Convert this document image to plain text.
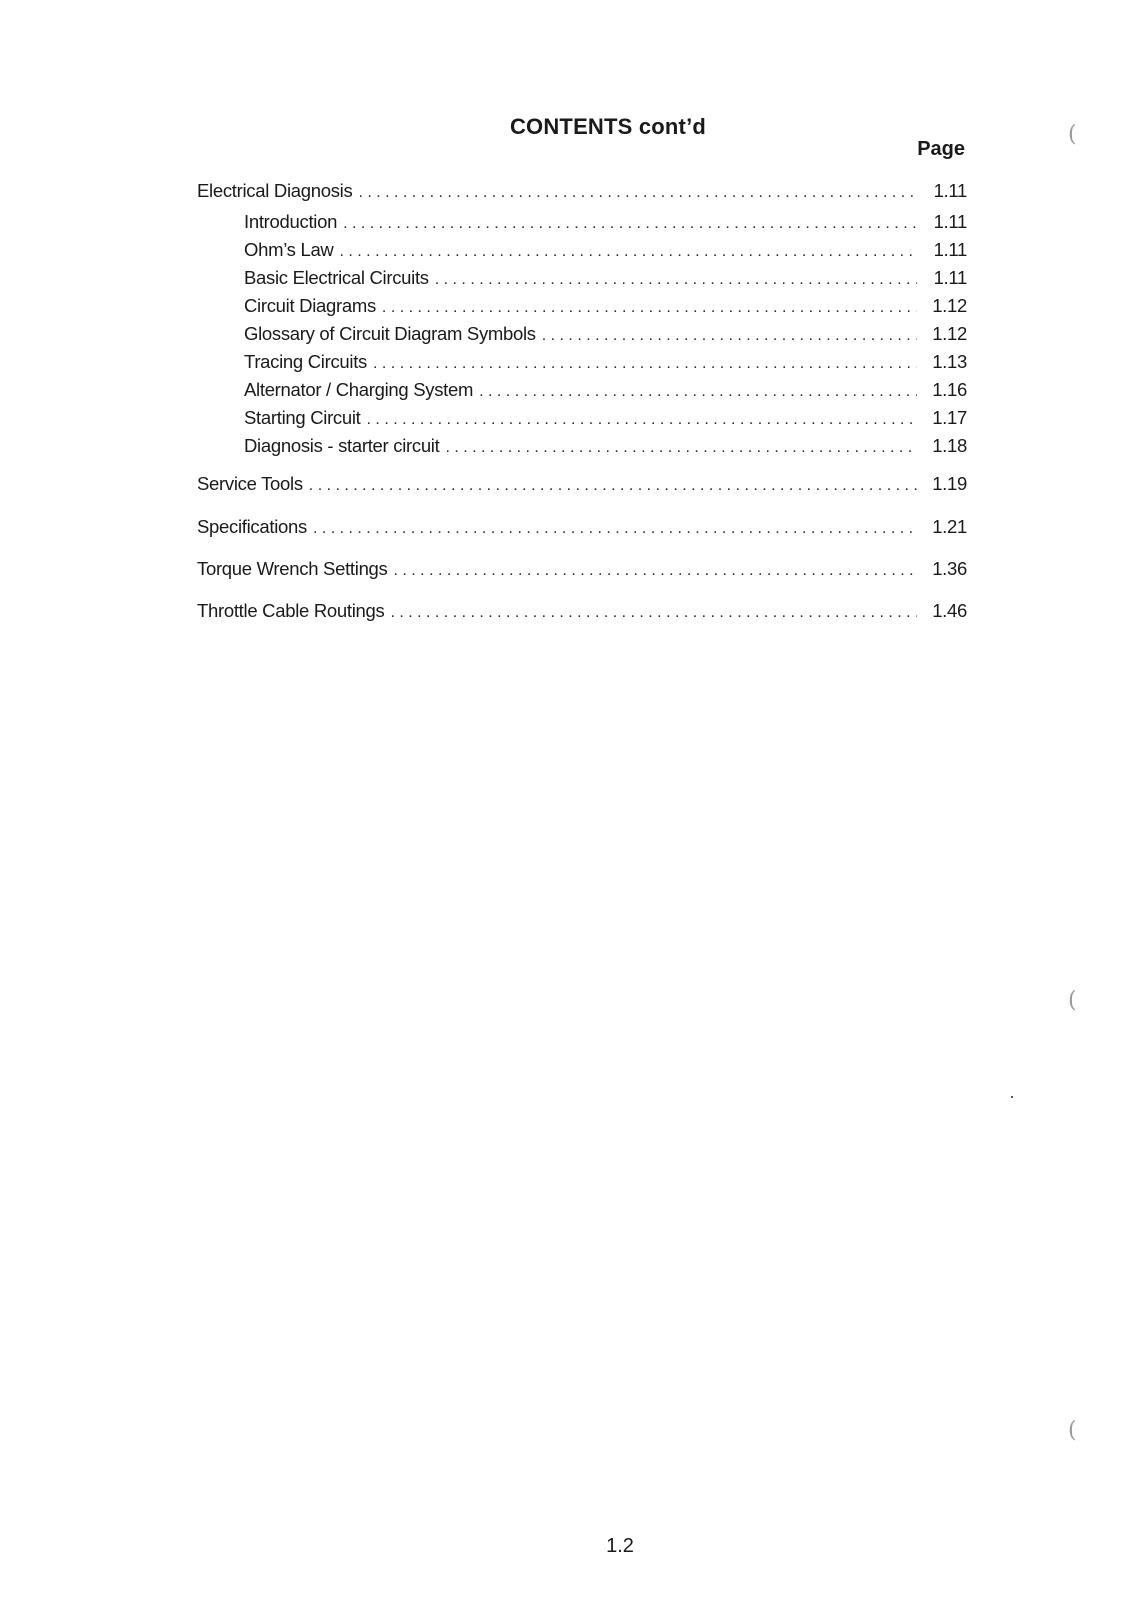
CONTENTS cont’d
Page
Electrical Diagnosis . . .	1.11
Introduction . . .	1.11
Ohm’s Law . . .	1.11
Basic Electrical Circuits . . .	1.11
Circuit Diagrams . . .	1.12
Glossary of Circuit Diagram Symbols . . .	1.12
Tracing Circuits . . .	1.13
Alternator / Charging System . . .	1.16
Starting Circuit . . .	1.17
Diagnosis - starter circuit . . .	1.18
Service Tools . . .	1.19
Specifications . . .	1.21
Torque Wrench Settings . . .	1.36
Throttle Cable Routings . . .	1.46
(
(
(
1.2
